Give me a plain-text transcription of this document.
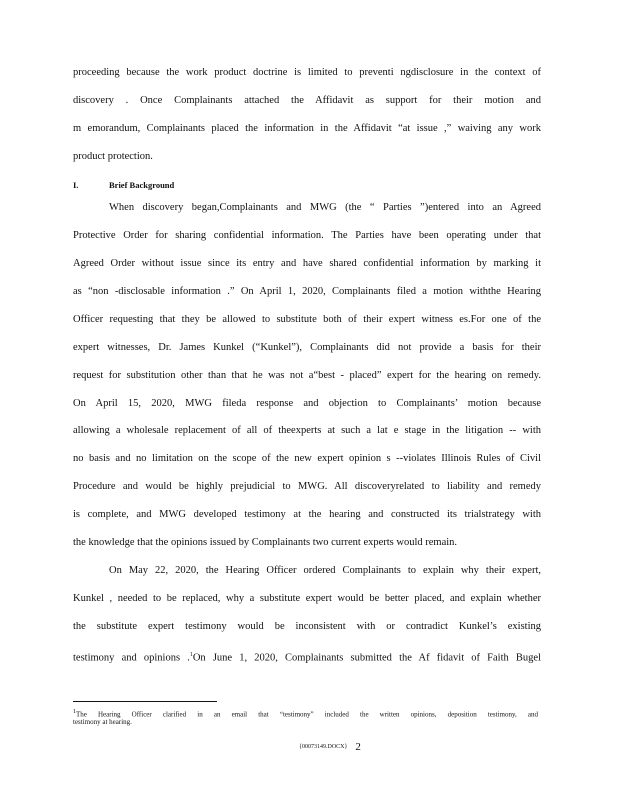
proceeding because the work product doctrine is limited to preventi ngdisclosure in the context of
discovery . Once Complainants attached the Affidavit as support for their motion and
m emorandum, Complainants placed the information in the Affidavit “at issue ,” waiving any work
product protection.
I.	Brief Background
When discovery began,Complainants and MWG (the “ Parties ”)entered into an Agreed
Protective Order for sharing confidential information. The Parties have been operating under that
Agreed Order without issue since its entry and have shared confidential information by marking it
as “non -disclosable information .” On April 1, 2020, Complainants filed a motion withthe Hearing
Officer requesting that they be allowed to substitute both of their expert witness es.For one of the
expert witnesses, Dr. James Kunkel (“Kunkel”), Complainants did not provide a basis for their
request for substitution other than that he was not a“best - placed” expert for the hearing on remedy.
On April 15, 2020, MWG fileda response and objection to Complainants’ motion because
allowing a wholesale replacement of all of theexperts at such a lat e stage in the litigation -- with
no basis and no limitation on the scope of the new expert opinion s --violates Illinois Rules of Civil
Procedure and would be highly prejudicial to MWG. All discoveryrelated to liability and remedy
is complete, and MWG developed testimony at the hearing and constructed its trialstrategy with
the knowledge that the opinions issued by Complainants two current experts would remain.
On May 22, 2020, the Hearing Officer ordered Complainants to explain why their expert,
Kunkel , needed to be replaced, why a substitute expert would be better placed, and explain whether
the substitute expert testimony would be inconsistent with or contradict Kunkel’s existing
testimony and opinions .$^1$On June 1, 2020, Complainants submitted the Af fidavit of Faith Bugel
$^1$The Hearing Officer clarified in an email that “testimony” included the written opinions, deposition testimony, and
testimony at hearing.
{00073149.DOCX} 2
